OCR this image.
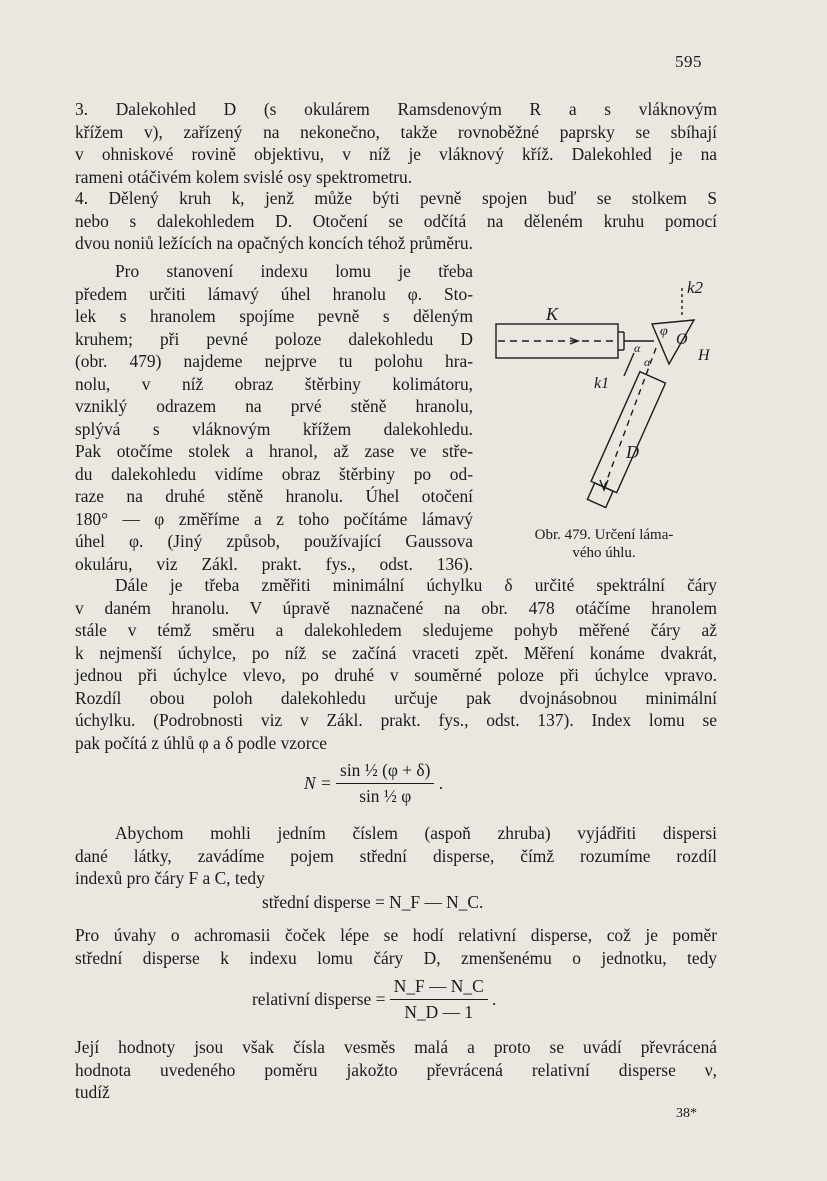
595

3. Dalekohled D (s okulárem Ramsdenovým R a s vláknovým
křížem v), zařízený na nekonečno, takže rovnoběžné paprsky se sbíhají
v ohniskové rovině objektivu, v níž je vláknový kříž. Dalekohled je na
rameni otáčivém kolem svislé osy spektrometru.

4. Dělený kruh k, jenž může býti pevně spojen buď se stolkem S
nebo s dalekohledem D. Otočení se odčítá na děleném kruhu pomocí
dvou noniů ležících na opačných koncích téhož průměru.

Pro stanovení indexu lomu je třeba
předem určiti lámavý úhel hranolu φ. Sto-
lek s hranolem spojíme pevně s děleným
kruhem; při pevné poloze dalekohledu D
(obr. 479) najdeme nejprve tu polohu hra-
nolu, v níž obraz štěrbiny kolimátoru,
vzniklý odrazem na prvé stěně hranolu,
splývá s vláknovým křížem dalekohledu.
Pak otočíme stolek a hranol, až zase ve stře-
du dalekohledu vidíme obraz štěrbiny po od-
raze na druhé stěně hranolu. Úhel otočení
180° — φ změříme a z toho počítáme lámavý
úhel φ. (Jiný způsob, používající Gaussova
okuláru, viz Zákl. prakt. fys., odst. 136).

k2
K
φ O
H
α
α
k1
D
Obr. 479. Určení láma-
vého úhlu.

Dále je třeba změřiti minimální úchylku δ určité spektrální čáry
v daném hranolu. V úpravě naznačené na obr. 478 otáčíme hranolem
stále v témž směru a dalekohledem sledujeme pohyb měřené čáry až
k nejmenší úchylce, po níž se začíná vraceti zpět. Měření konáme dvakrát,
jednou při úchylce vlevo, po druhé v souměrné poloze při úchylce vpravo.
Rozdíl obou poloh dalekohledu určuje pak dvojnásobnou minimální
úchylku. (Podrobnosti viz v Zákl. prakt. fys., odst. 137). Index lomu se
pak počítá z úhlů φ a δ podle vzorce

$N = \frac{\text{sin ½ (φ + δ)}}{\text{sin ½ φ}}$ .

Abychom mohli jedním číslem (aspoň zhruba) vyjádřiti dispersi
dané látky, zavádíme pojem střední disperse, čímž rozumíme rozdíl
indexů pro čáry F a C, tedy

střední disperse = N_F — N_C.

Pro úvahy o achromasii čoček lépe se hodí relativní disperse, což je poměr
střední disperse k indexu lomu čáry D, zmenšenému o jednotku, tedy

relativní disperse = $\frac{N\_F — N\_C}{N\_D — 1}$ .

Její hodnoty jsou však čísla vesměs malá a proto se uvádí převrácená
hodnota uvedeného poměru jakožto převrácená relativní disperse ν,
tudíž

38*
